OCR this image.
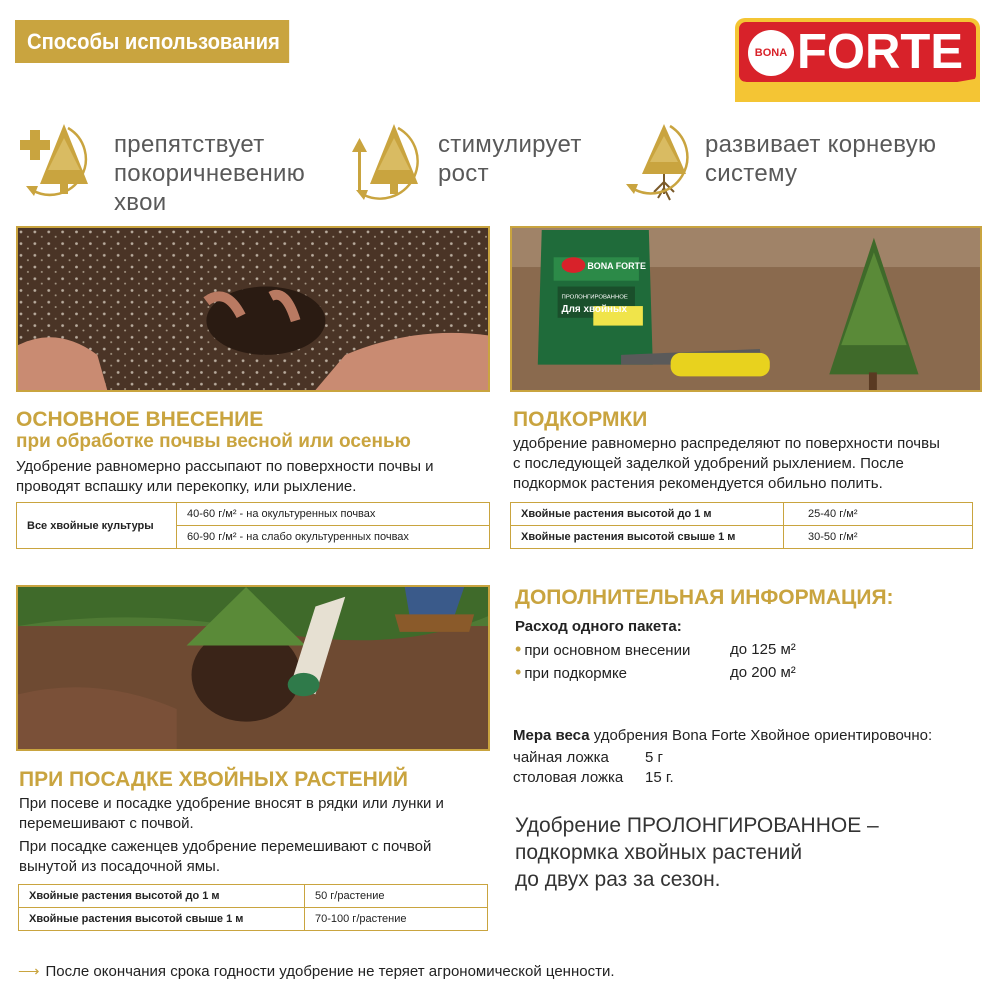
Способы использования	BONA FORTE
препятствует
покоричневению
хвои
стимулирует
рост
развивает корневую
систему
BONA FORTE
ПРОЛОНГИРОВАННОЕ
Для хвойных
ОСНОВНОЕ ВНЕСЕНИЕ
при обработке почвы весной или осенью
Удобрение равномерно рассыпают по поверхности почвы и
проводят вспашку или перекопку, или рыхление.
Все хвойные культуры	40-60 г/м² - на окультуренных почвах
60-90 г/м² - на слабо окультуренных почвах
ПОДКОРМКИ
удобрение равномерно распределяют по поверхности почвы
с последующей заделкой удобрений рыхлением. После
подкормок растения рекомендуется обильно полить.
Хвойные растения высотой до 1 м	25-40 г/м²
Хвойные растения высотой свыше 1 м	30-50 г/м²
ПРИ ПОСАДКЕ ХВОЙНЫХ РАСТЕНИЙ
При посеве и посадке удобрение вносят в рядки или лунки и
перемешивают с почвой.
При посадке саженцев удобрение перемешивают с почвой
вынутой из посадочной ямы.
Хвойные растения высотой до 1 м	50 г/растение
Хвойные растения высотой свыше 1 м	70-100 г/растение
ДОПОЛНИТЕЛЬНАЯ ИНФОРМАЦИЯ:
Расход одного пакета:
• при основном внесении	до 125 м²
• при подкормке	до 200 м²
Мера веса удобрения Bona Forte Хвойное ориентировочно:
чайная ложка 5 г
столовая ложка 15 г.
Удобрение ПРОЛОНГИРОВАННОЕ –
подкормка хвойных растений
до двух раз за сезон.
⟶ После окончания срока годности удобрение не теряет агрономической ценности.
